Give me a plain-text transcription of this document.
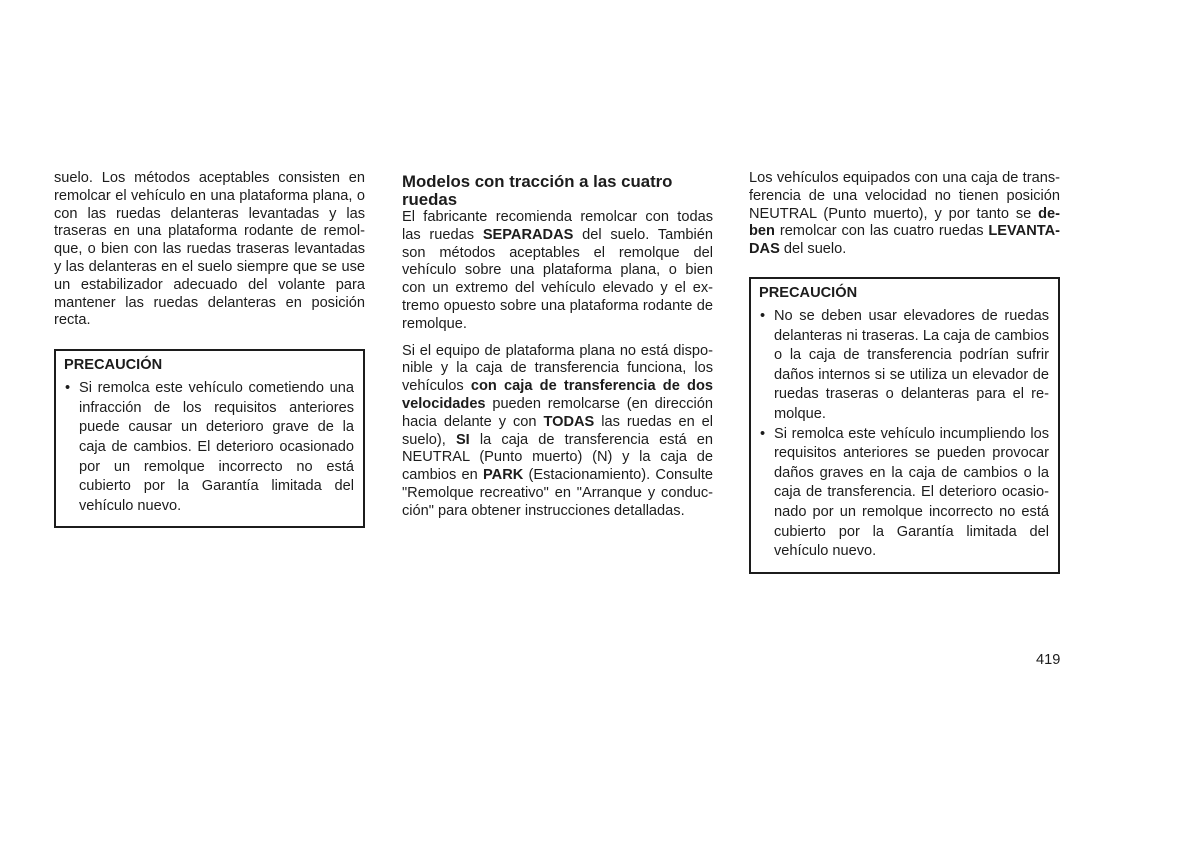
suelo. Los métodos aceptables consisten en remolcar el vehículo en una plataforma plana, o con las ruedas delanteras levantadas y las traseras en una plataforma rodante de remolque, o bien con las ruedas traseras levantadas y las delanteras en el suelo siempre que se use un estabilizador adecuado del volante para mantener las ruedas delanteras en posición recta.

PRECAUCIÓN
• Si remolca este vehículo cometiendo una infracción de los requisitos anteriores puede causar un deterioro grave de la caja de cambios. El deterioro ocasionado por un remolque incorrecto no está cubierto por la Garantía limitada del vehículo nuevo.
Modelos con tracción a las cuatro ruedas

El fabricante recomienda remolcar con todas las ruedas SEPARADAS del suelo. También son métodos aceptables el remolque del vehículo sobre una plataforma plana, o bien con un extremo del vehículo elevado y el extremo opuesto sobre una plataforma rodante de remolque.

Si el equipo de plataforma plana no está disponible y la caja de transferencia funciona, los vehículos con caja de transferencia de dos velocidades pueden remolcarse (en dirección hacia delante y con TODAS las ruedas en el suelo), SI la caja de transferencia está en NEUTRAL (Punto muerto) (N) y la caja de cambios en PARK (Estacionamiento). Consulte "Remolque recreativo" en "Arranque y conducción" para obtener instrucciones detalladas.

Los vehículos equipados con una caja de transferencia de una velocidad no tienen posición NEUTRAL (Punto muerto), y por tanto se deben remolcar con las cuatro ruedas LEVANTADAS del suelo.

PRECAUCIÓN
• No se deben usar elevadores de ruedas delanteras ni traseras. La caja de cambios o la caja de transferencia podrían sufrir daños internos si se utiliza un elevador de ruedas traseras o delanteras para el remolque.
• Si remolca este vehículo incumpliendo los requisitos anteriores se pueden provocar daños graves en la caja de cambios o la caja de transferencia. El deterioro ocasionado por un remolque incorrecto no está cubierto por la Garantía limitada del vehículo nuevo.
419
